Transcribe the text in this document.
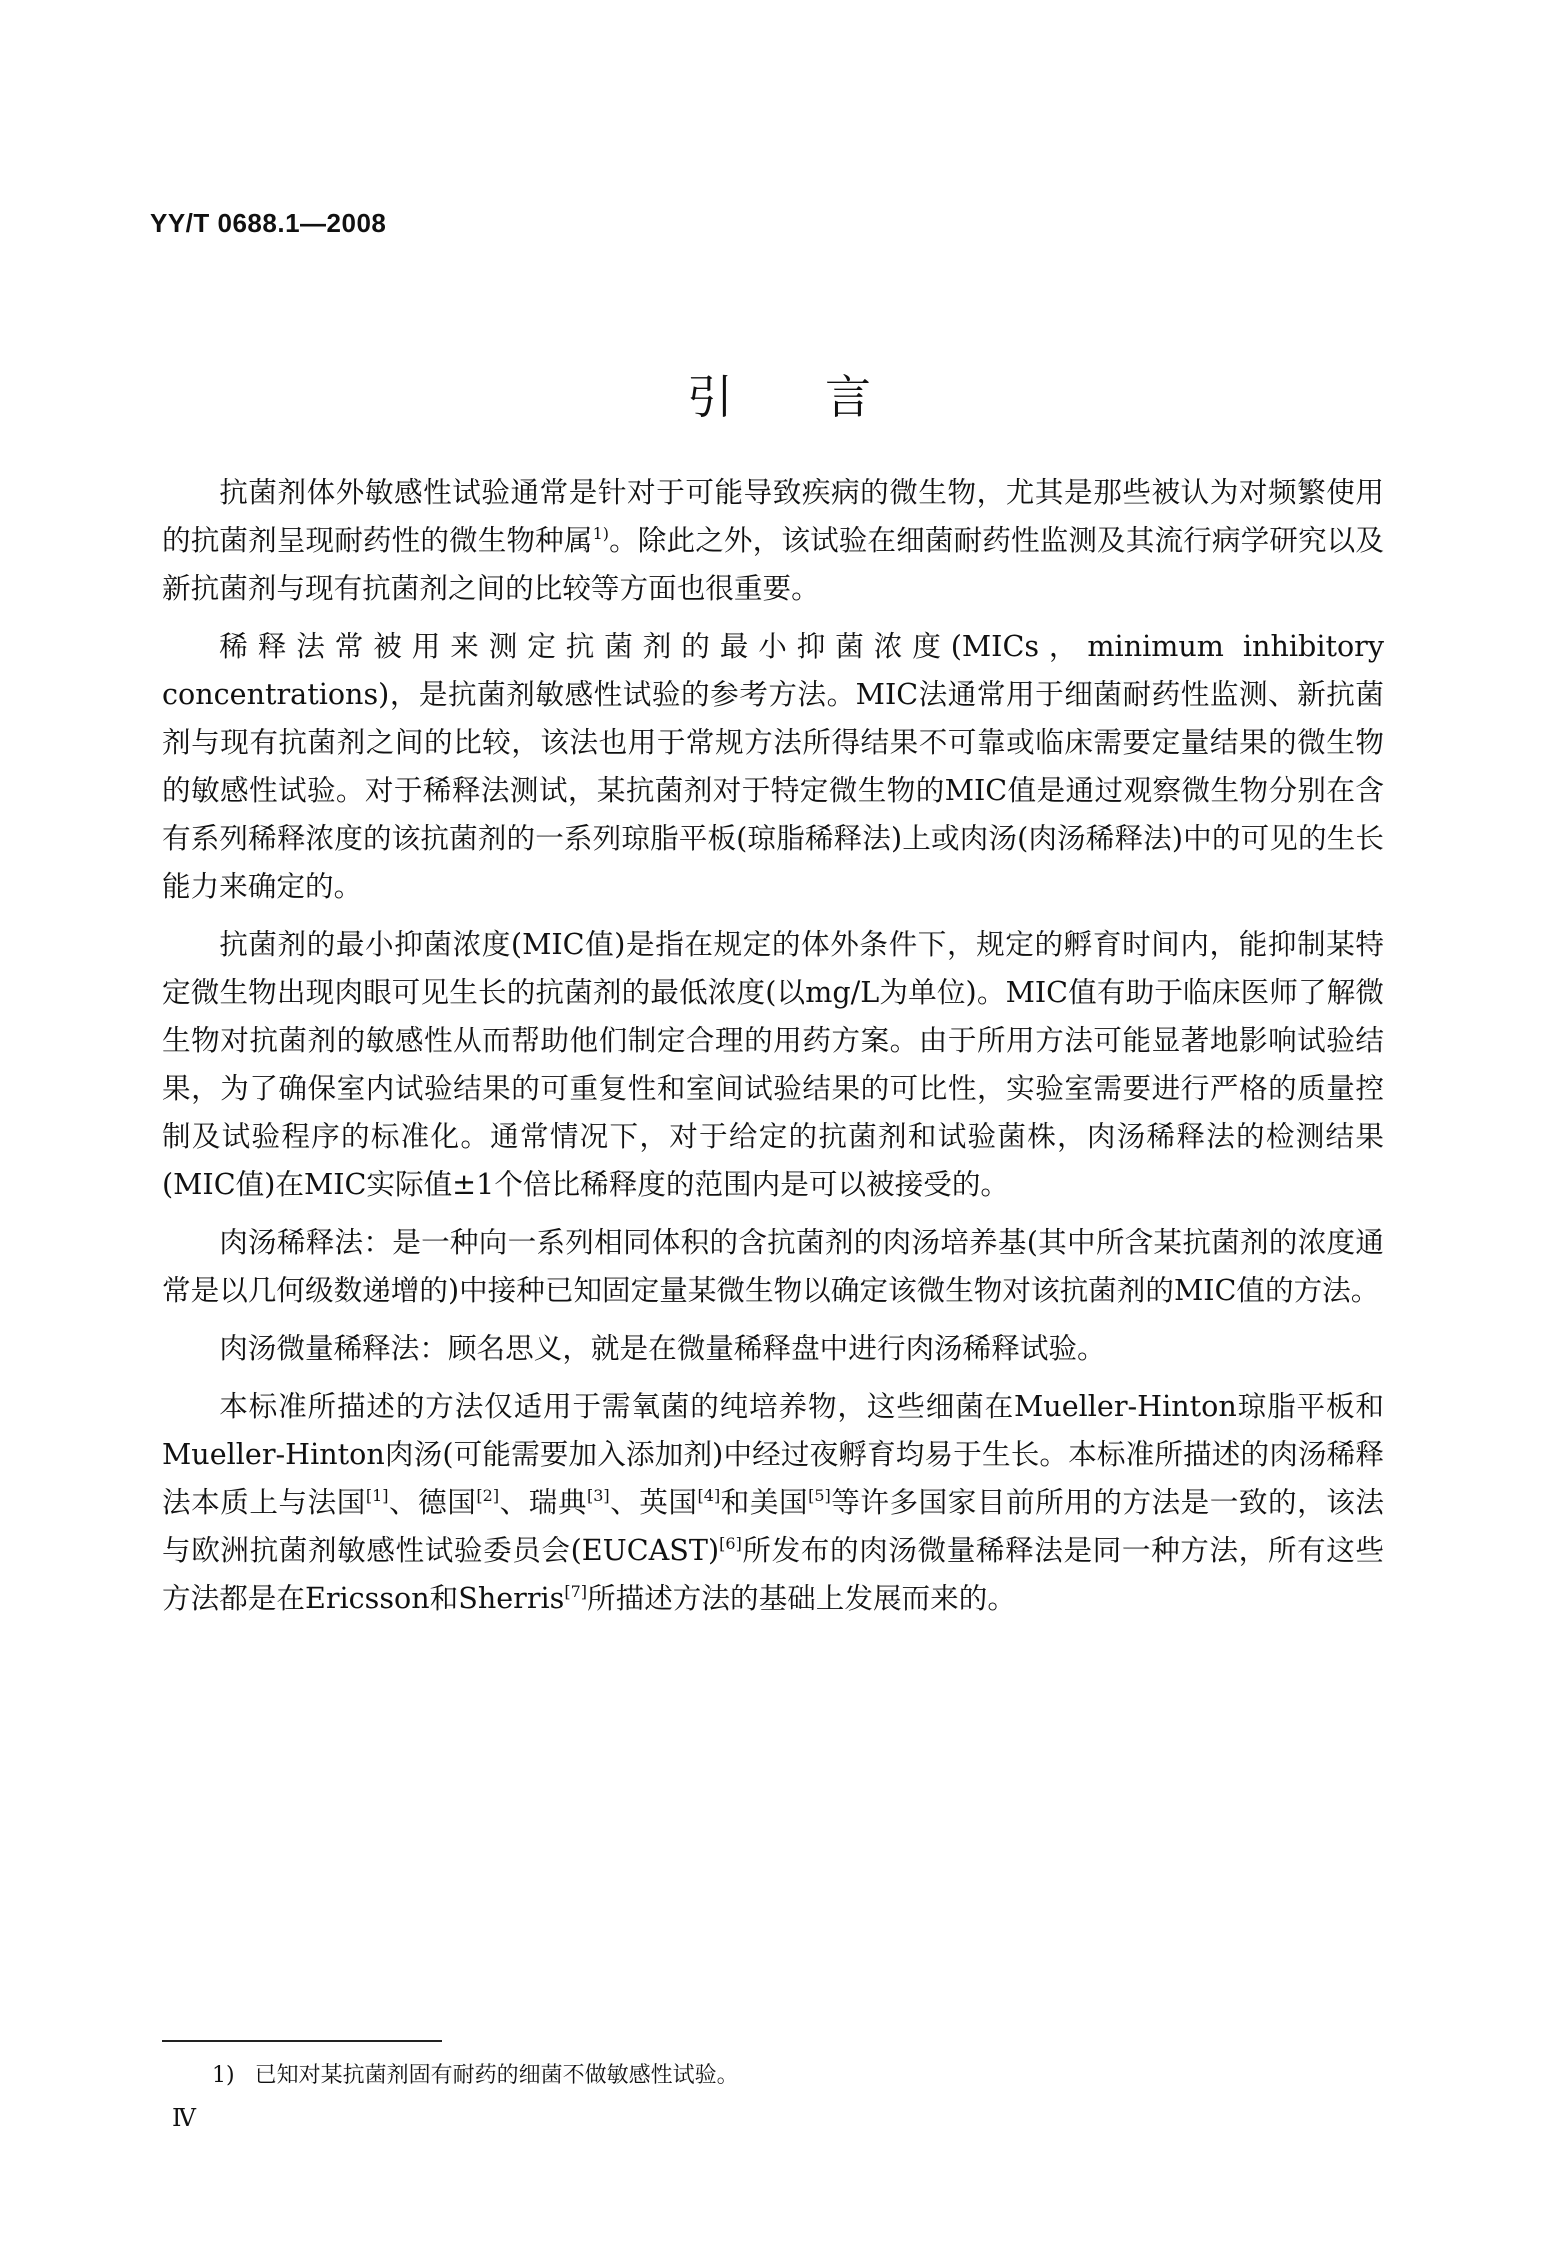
YY/T 0688.1—2008
引言

抗菌剂体外敏感性试验通常是针对于可能导致疾病的微生物，尤其是那些被认为对频繁使用的抗菌剂呈现耐药性的微生物种属$^{1)}$。除此之外，该试验在细菌耐药性监测及其流行病学研究以及新抗菌剂与现有抗菌剂之间的比较等方面也很重要。

稀释法常被用来测定抗菌剂的最小抑菌浓度(MICs，minimum inhibitory concentrations)，是抗菌剂敏感性试验的参考方法。MIC法通常用于细菌耐药性监测、新抗菌剂与现有抗菌剂之间的比较，该法也用于常规方法所得结果不可靠或临床需要定量结果的微生物的敏感性试验。对于稀释法测试，某抗菌剂对于特定微生物的MIC值是通过观察微生物分别在含有系列稀释浓度的该抗菌剂的一系列琼脂平板(琼脂稀释法)上或肉汤(肉汤稀释法)中的可见的生长能力来确定的。

抗菌剂的最小抑菌浓度(MIC值)是指在规定的体外条件下，规定的孵育时间内，能抑制某特定微生物出现肉眼可见生长的抗菌剂的最低浓度(以mg/L为单位)。MIC值有助于临床医师了解微生物对抗菌剂的敏感性从而帮助他们制定合理的用药方案。由于所用方法可能显著地影响试验结果，为了确保室内试验结果的可重复性和室间试验结果的可比性，实验室需要进行严格的质量控制及试验程序的标准化。通常情况下，对于给定的抗菌剂和试验菌株，肉汤稀释法的检测结果(MIC值)在MIC实际值±1个倍比稀释度的范围内是可以被接受的。

肉汤稀释法：是一种向一系列相同体积的含抗菌剂的肉汤培养基(其中所含某抗菌剂的浓度通常是以几何级数递增的)中接种已知固定量某微生物以确定该微生物对该抗菌剂的MIC值的方法。

肉汤微量稀释法：顾名思义，就是在微量稀释盘中进行肉汤稀释试验。

本标准所描述的方法仅适用于需氧菌的纯培养物，这些细菌在Mueller-Hinton琼脂平板和Mueller-Hinton肉汤(可能需要加入添加剂)中经过夜孵育均易于生长。本标准所描述的肉汤稀释法本质上与法国[1]、德国[2]、瑞典[3]、英国[4]和美国[5]等许多国家目前所用的方法是一致的，该法与欧洲抗菌剂敏感性试验委员会(EUCAST)[6]所发布的肉汤微量稀释法是同一种方法，所有这些方法都是在Ericsson和Sherris[7]所描述方法的基础上发展而来的。

1) 已知对某抗菌剂固有耐药的细菌不做敏感性试验。
Ⅳ
